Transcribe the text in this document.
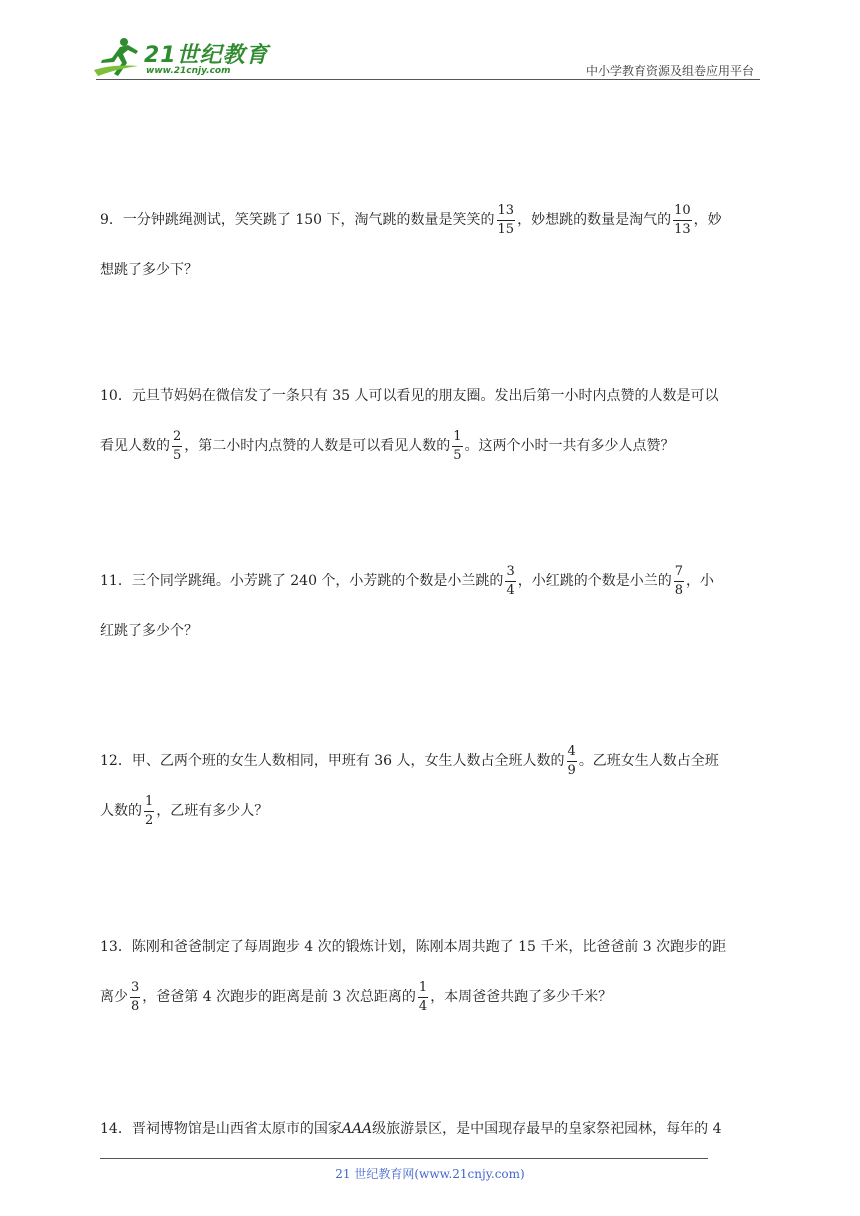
21世纪教育
www.21cnjy.com	中小学教育资源及组卷应用平台
9．一分钟跳绳测试，笑笑跳了 150 下，淘气跳的数量是笑笑的 $\frac{13}{15}$ ，妙想跳的数量是淘气的 $\frac{10}{13}$ ，妙
想跳了多少下？
10．元旦节妈妈在微信发了一条只有 35 人可以看见的朋友圈。发出后第一小时内点赞的人数是可以
看见人数的 $\frac{2}{5}$ ，第二小时内点赞的人数是可以看见人数的 $\frac{1}{5}$ 。这两个小时一共有多少人点赞？
11．三个同学跳绳。小芳跳了 240 个，小芳跳的个数是小兰跳的 $\frac{3}{4}$ ，小红跳的个数是小兰的 $\frac{7}{8}$ ，小
红跳了多少个？
12．甲、乙两个班的女生人数相同，甲班有 36 人，女生人数占全班人数的 $\frac{4}{9}$ 。乙班女生人数占全班
人数的 $\frac{1}{2}$ ，乙班有多少人？
13．陈刚和爸爸制定了每周跑步 4 次的锻炼计划，陈刚本周共跑了 15 千米，比爸爸前 3 次跑步的距
离少 $\frac{3}{8}$ ，爸爸第 4 次跑步的距离是前 3 次总距离的 $\frac{1}{4}$ ，本周爸爸共跑了多少千米？
14．晋祠博物馆是山西省太原市的国家AAA级旅游景区，是中国现存最早的皇家祭祀园林，每年的 4
21 世纪教育网(www.21cnjy.com)
